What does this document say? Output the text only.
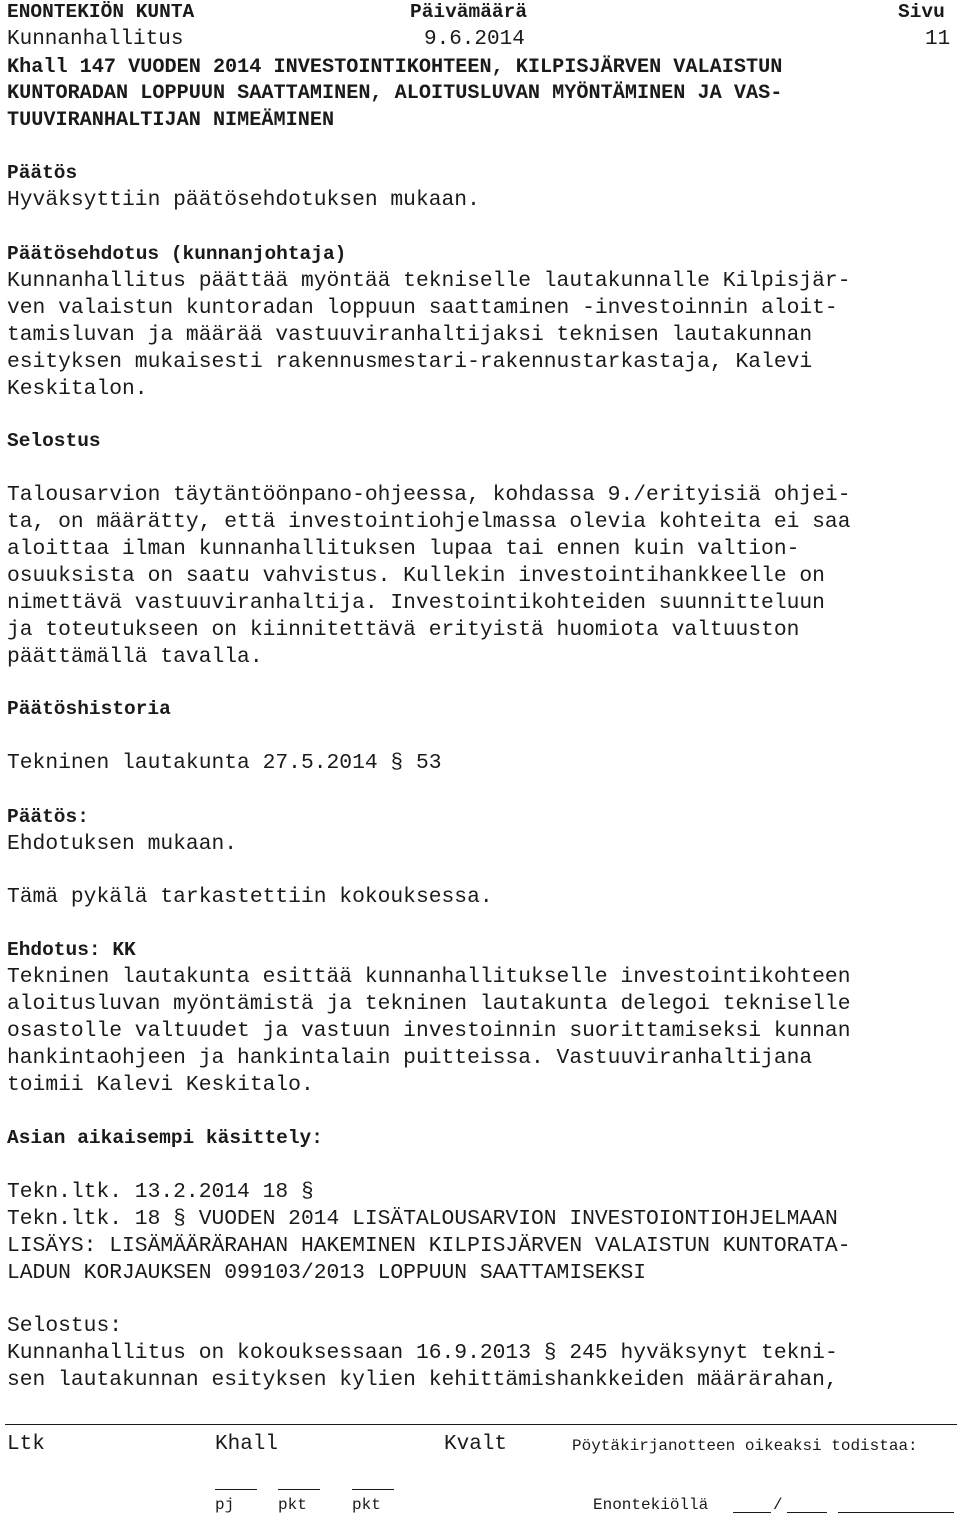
ENONTEKIÖN KUNTA	Päivämäärä	Sivu
Kunnanhallitus	9.6.2014	11
Khall 147 VUODEN 2014 INVESTOINTIKOHTEEN, KILPISJÄRVEN VALAISTUN
KUNTORADAN LOPPUUN SAATTAMINEN, ALOITUSLUVAN MYÖNTÄMINEN JA VAS-
TUUVIRANHALTIJAN NIMEÄMINEN
Päätös
Hyväksyttiin päätösehdotuksen mukaan.
Päätösehdotus (kunnanjohtaja)
Kunnanhallitus päättää myöntää tekniselle lautakunnalle Kilpisjär-
ven valaistun kuntoradan loppuun saattaminen -investoinnin aloit-
tamisluvan ja määrää vastuuviranhaltijaksi teknisen lautakunnan
esityksen mukaisesti rakennusmestari-rakennustarkastaja, Kalevi
Keskitalon.
Selostus
Talousarvion täytäntöönpano-ohjeessa, kohdassa 9./erityisiä ohjei-
ta, on määrätty, että investointiohjelmassa olevia kohteita ei saa
aloittaa ilman kunnanhallituksen lupaa tai ennen kuin valtion-
osuuksista on saatu vahvistus. Kullekin investointihankkeelle on
nimettävä vastuuviranhaltija. Investointikohteiden suunnitteluun
ja toteutukseen on kiinnitettävä erityistä huomiota valtuuston
päättämällä tavalla.
Päätöshistoria
Tekninen lautakunta 27.5.2014 § 53
Päätös:
Ehdotuksen mukaan.
Tämä pykälä tarkastettiin kokouksessa.
Ehdotus: KK
Tekninen lautakunta esittää kunnanhallitukselle investointikohteen
aloitusluvan myöntämistä ja tekninen lautakunta delegoi tekniselle
osastolle valtuudet ja vastuun investoinnin suorittamiseksi kunnan
hankintaohjeen ja hankintalain puitteissa. Vastuuviranhaltijana
toimii Kalevi Keskitalo.
Asian aikaisempi käsittely:
Tekn.ltk. 13.2.2014 18 §
Tekn.ltk. 18 § VUODEN 2014 LISÄTALOUSARVION INVESTOIONTIOHJELMAAN
LISÄYS: LISÄMÄÄRÄRAHAN HAKEMINEN KILPISJÄRVEN VALAISTUN KUNTORATA-
LADUN KORJAUKSEN 099103/2013 LOPPUUN SAATTAMISEKSI
Selostus:
Kunnanhallitus on kokouksessaan 16.9.2013 § 245 hyväksynyt tekni-
sen lautakunnan esityksen kylien kehittämishankkeiden määrärahan,
Ltk	Khall	Kvalt	Pöytäkirjanotteen oikeaksi todistaa:
pj	pkt	pkt	Enontekiöllä	/
